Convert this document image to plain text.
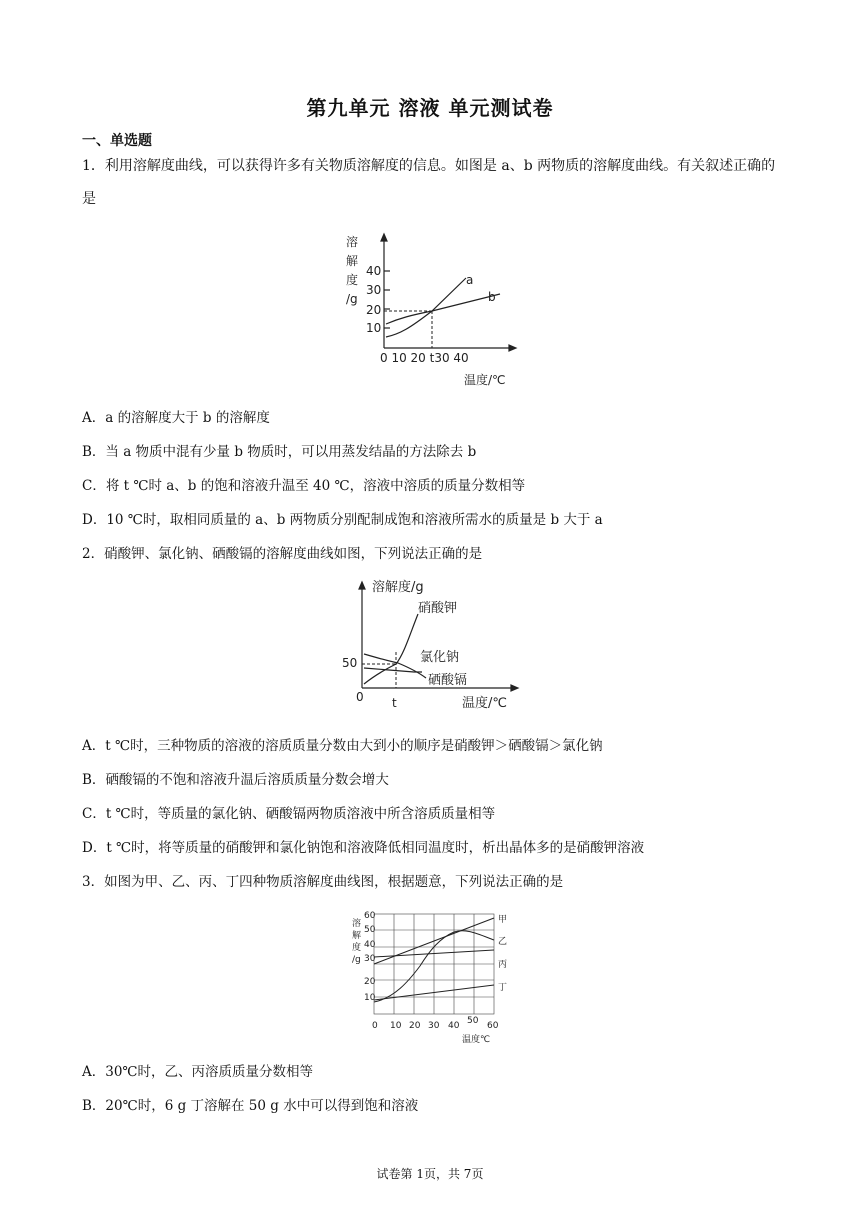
第九单元 溶液 单元测试卷
一、单选题
1．利用溶解度曲线，可以获得许多有关物质溶解度的信息。如图是 a、b 两物质的溶解度曲线。有关叙述正确的是
溶
解
度
/g
40
30
20
10
0 10 20 t30 40
温度/℃
a
b
A．a 的溶解度大于 b 的溶解度
B．当 a 物质中混有少量 b 物质时，可以用蒸发结晶的方法除去 b
C．将 t ℃时 a、b 的饱和溶液升温至 40 ℃，溶液中溶质的质量分数相等
D．10 ℃时，取相同质量的 a、b 两物质分别配制成饱和溶液所需水的质量是 b 大于 a
2．硝酸钾、氯化钠、硒酸镉的溶解度曲线如图，下列说法正确的是
溶解度/g
50
0 t	温度/℃
硝酸钾
氯化钠
硒酸镉
A．t ℃时，三种物质的溶液的溶质质量分数由大到小的顺序是硝酸钾＞硒酸镉＞氯化钠
B．硒酸镉的不饱和溶液升温后溶质质量分数会增大
C．t ℃时，等质量的氯化钠、硒酸镉两物质溶液中所含溶质质量相等
D．t ℃时，将等质量的硝酸钾和氯化钠饱和溶液降低相同温度时，析出晶体多的是硝酸钾溶液
3．如图为甲、乙、丙、丁四种物质溶解度曲线图，根据题意，下列说法正确的是
溶
解
度
/g
60
50
40
30
20
10
0 10 20 30 40 50 60
温度℃
甲
乙
丙
丁
A．30℃时，乙、丙溶质质量分数相等
B．20℃时，6 g 丁溶解在 50 g 水中可以得到饱和溶液
试卷第 1页，共 7页
